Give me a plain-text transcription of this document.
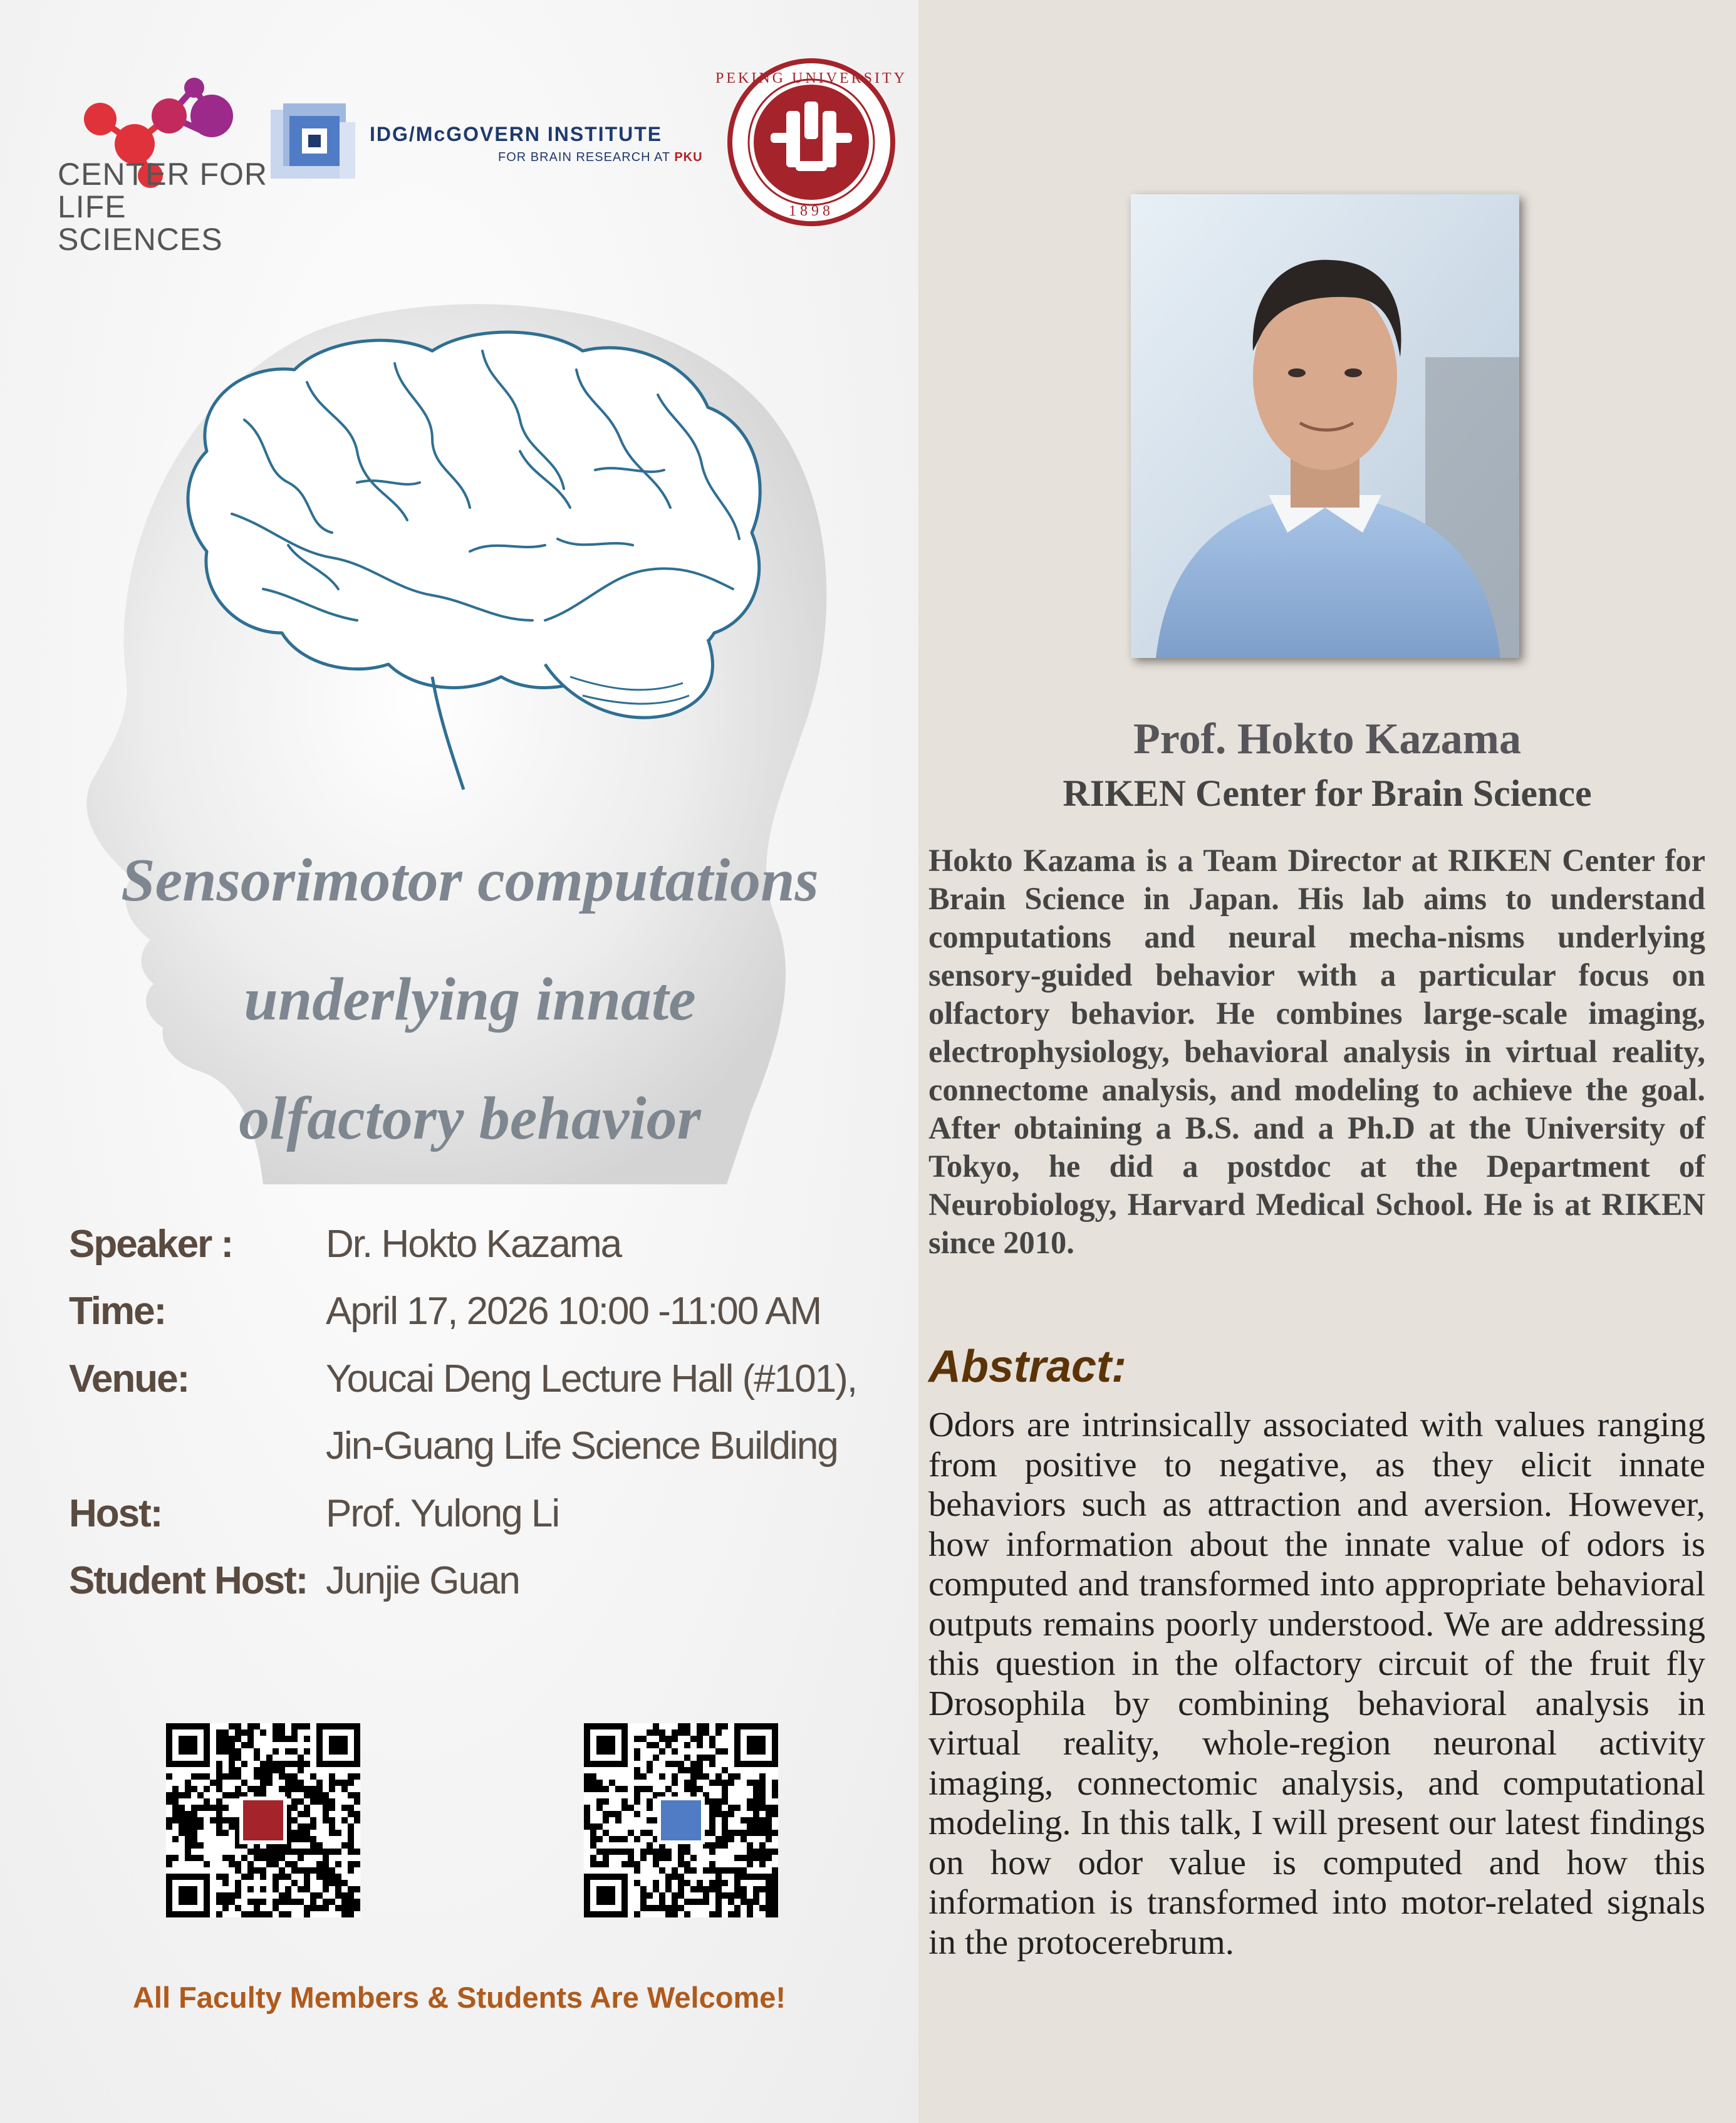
CENTER FOR
LIFE SCIENCES
IDG/McGOVERN INSTITUTE
FOR BRAIN RESEARCH AT PKU
PEKING UNIVERSITY
1898
Sensorimotor computations
underlying innate
olfactory behavior
Speaker : Dr. Hokto Kazama
Time:	April 17, 2026 10:00 -11:00 AM
Venue:	Youcai Deng Lecture Hall (#101),
Jin-Guang Life Science Building
Host:	Prof. Yulong Li
Student Host: Junjie Guan
All Faculty Members & Students Are Welcome!
Prof. Hokto Kazama
RIKEN Center for Brain Science
Hokto Kazama is a Team Director at RIKEN Center for Brain Science in Japan. His lab aims to understand computations and neural mecha-nisms underlying sensory-guided behavior with a particular focus on olfactory behavior. He combines large-scale imaging, electrophysiology, behavioral analysis in virtual reality, connectome analysis, and modeling to achieve the goal. After obtaining a B.S. and a Ph.D at the University of Tokyo, he did a postdoc at the Department of Neurobiology, Harvard Medical School. He is at RIKEN since 2010.
Abstract:
Odors are intrinsically associated with values ranging from positive to negative, as they elicit innate behaviors such as attraction and aversion. However, how information about the innate value of odors is computed and transformed into appropriate behavioral outputs remains poorly understood. We are addressing this question in the olfactory circuit of the fruit fly Drosophila by combining behavioral analysis in virtual reality, whole-region neuronal activity imaging, connectomic analysis, and computational modeling. In this talk, I will present our latest findings on how odor value is computed and how this information is transformed into motor-related signals in the protocerebrum.
